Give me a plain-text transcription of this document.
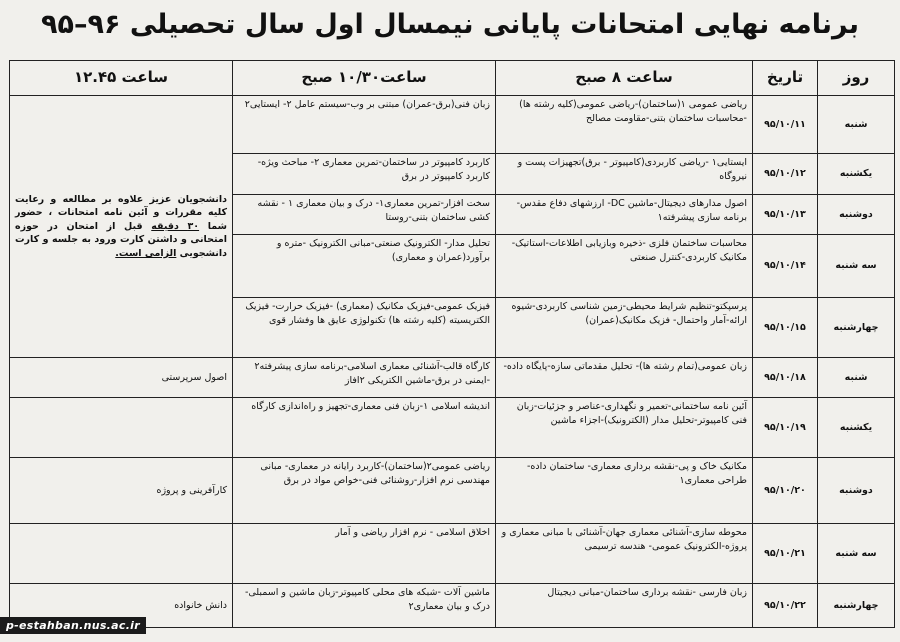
برنامه نهایی امتحانات پایانی نیمسال اول سال تحصیلی ۹۶–۹۵
روز	تاریخ	ساعت ۸ صبح	ساعت۱۰/۳۰ صبح	ساعت ۱۲.۴۵
شنبه	۹۵/۱۰/۱۱	ریاضی عمومی ۱(ساختمان)-ریاضی عمومی(کلیه رشته ها) -محاسبات ساختمان بتنی-مقاومت مصالح	زبان فنی(برق-عمران) مبتنی بر وب-سیستم عامل ۲- ایستایی۲	دانشجویان عزیز علاوه بر مطالعه و رعایت کلیه مقررات و آئین نامه امتحانات ، حضور شما ۳۰ دقیقه قبل از امتحان در حوزه امتحانی و داشتن کارت ورود به جلسه و کارت دانشجویی الزامی است.
یکشنبه	۹۵/۱۰/۱۲	ایستایی۱ -ریاضی کاربردی(کامپیوتر - برق)تجهیزات پست و نیروگاه	کاربرد کامپیوتر در ساختمان-تمرین معماری ۲- مباحث ویژه-کاربرد کامپیوتر در برق	
دوشنبه	۹۵/۱۰/۱۳	اصول مدارهای دیجیتال-ماشین DC- ارزشهای دفاع مقدس- برنامه سازی پیشرفته۱	سخت افزار-تمرین معماری۱- درک و بیان معماری ۱ - نقشه کشی ساختمان بتنی-روستا	
سه شنبه	۹۵/۱۰/۱۴	محاسبات ساختمان فلزی -ذخیره وبازیابی اطلاعات-استاتیک-مکانیک کاربردی-کنترل صنعتی	تحلیل مدار- الکترونیک صنعتی-مبانی الکترونیک -متره و برآورد(عمران و معماری)	
چهارشنبه	۹۵/۱۰/۱۵	پرسپکتو-تنظیم شرایط محیطی-زمین شناسی کاربردی-شیوه ارائه-آمار واحتمال- فزیک مکانیک(عمران)	فیزیک عمومی-فیزیک مکانیک (معماری) -فیزیک حرارت- فیزیک الکتریسیته (کلیه رشته ها) تکنولوژی عایق ها وفشار قوی	
شنبه	۹۵/۱۰/۱۸	زبان عمومی(تمام رشته ها)- تحلیل مقدماتی سازه-پایگاه داده-	کارگاه قالب-آشنائی معماری اسلامی-برنامه سازی پیشرفته۲ -ایمنی در برق-ماشین الکتریکی ۲افاز	اصول سرپرستی
یکشنبه	۹۵/۱۰/۱۹	آئین نامه ساختمانی-تعمیر و نگهداری-عناصر و جزئیات-زبان فنی کامپیوتر-تحلیل مدار (الکترونیک)-اجزاء ماشین	اندیشه اسلامی ۱-زبان فنی معماری-تجهیز و راه‌اندازی کارگاه	
دوشنبه	۹۵/۱۰/۲۰	مکانیک خاک و پی-نقشه برداری معماری- ساختمان داده- طراحی معماری۱	ریاضی عمومی۲(ساختمان)-کاربرد رایانه در معماری- مبانی مهندسی نرم افزار-روشنائی فنی-خواص مواد در برق	کارآفرینی و پروژه
سه شنبه	۹۵/۱۰/۲۱	محوطه سازی-آشنائی معماری جهان-آشنائی با مبانی معماری و پروژه-الکترونیک عمومی- هندسه ترسیمی	اخلاق اسلامی - نرم افزار ریاضی و آمار	
چهارشنبه	۹۵/۱۰/۲۲	زبان فارسی -نقشه برداری ساختمان-مبانی دیجیتال	ماشین آلات -شبکه های محلی کامپیوتر-زبان ماشین و اسمبلی-درک و بیان معماری۲	دانش خانواده
p-estahban.nus.ac.ir
